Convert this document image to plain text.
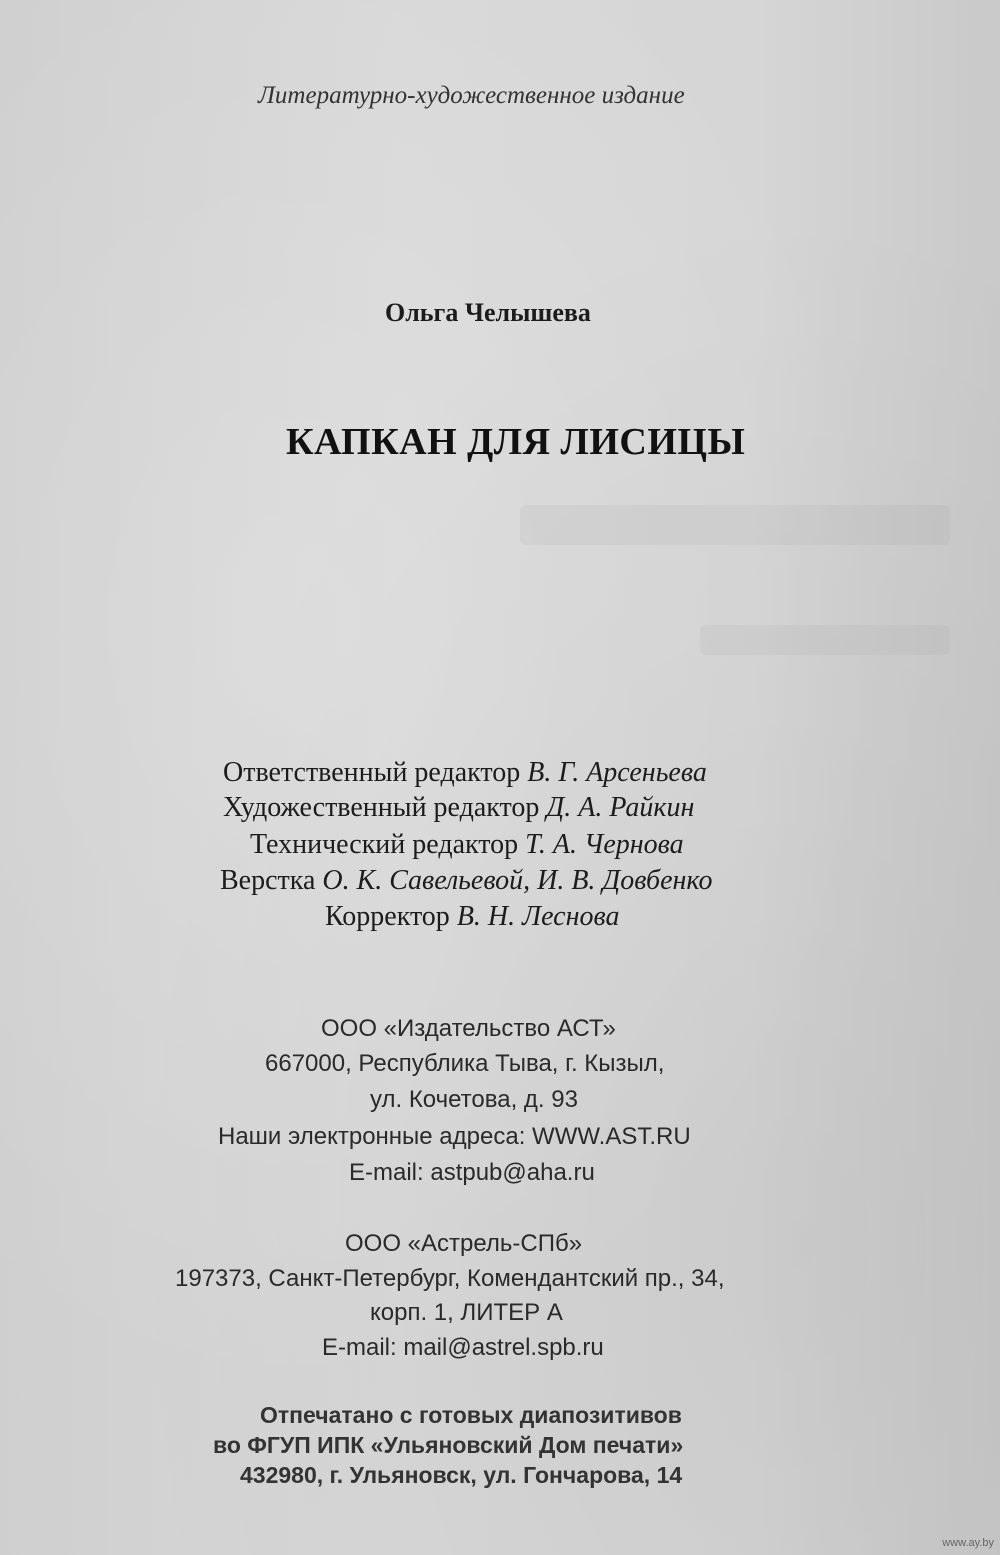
Литературно-художественное издание
Ольга Челышева
КАПКАН ДЛЯ ЛИСИЦЫ
Ответственный редактор В. Г. Арсеньева
Художественный редактор Д. А. Райкин
Технический редактор Т. А. Чернова
Верстка О. К. Савельевой, И. В. Довбенко
Корректор В. Н. Леснова
ООО «Издательство АСТ»
667000, Республика Тыва, г. Кызыл,
ул. Кочетова, д. 93
Наши электронные адреса: WWW.AST.RU
E-mail: astpub@aha.ru
ООО «Астрель-СПб»
197373, Санкт-Петербург, Комендантский пр., 34,
корп. 1, ЛИТЕР А
E-mail: mail@astrel.spb.ru
Отпечатано с готовых диапозитивов
во ФГУП ИПК «Ульяновский Дом печати»
432980, г. Ульяновск, ул. Гончарова, 14
www.ay.by
